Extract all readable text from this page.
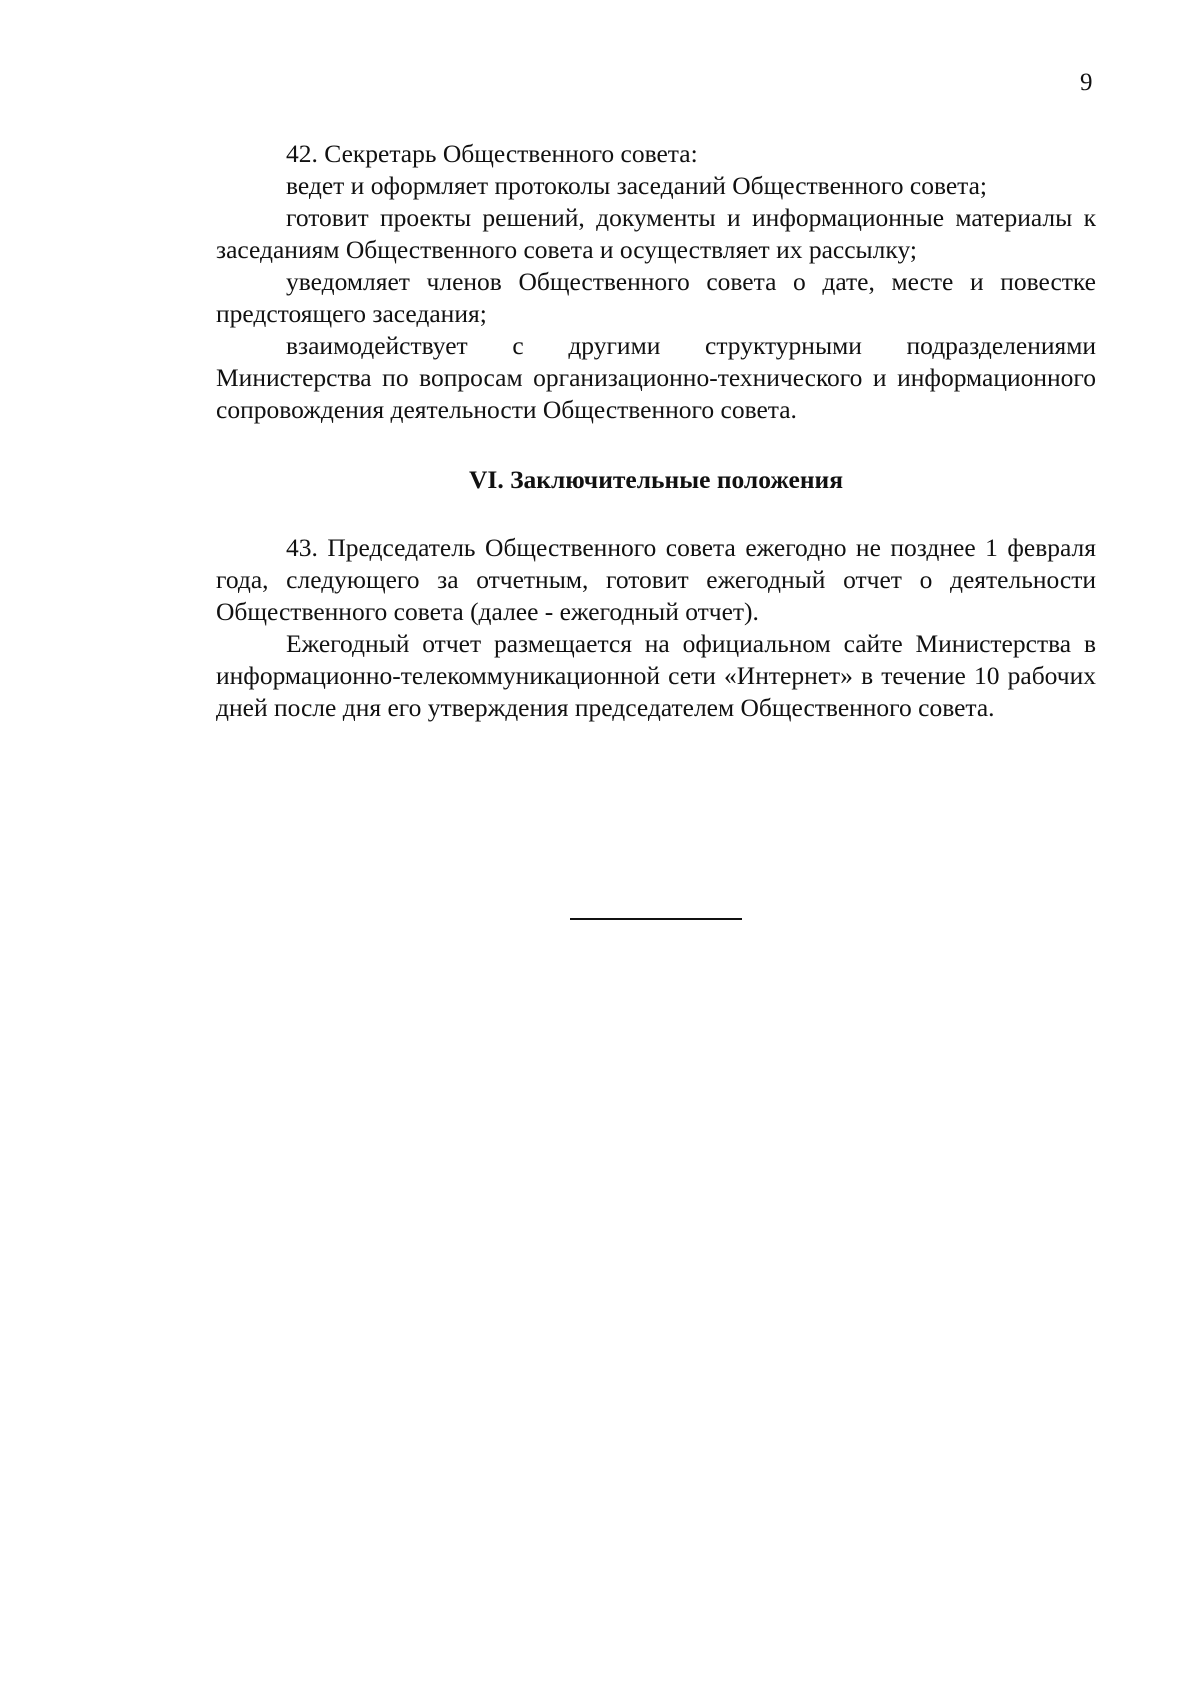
9

42. Секретарь Общественного совета:

ведет и оформляет протоколы заседаний Общественного совета;

готовит проекты решений, документы и информационные материалы к заседаниям Общественного совета и осуществляет их рассылку;

уведомляет членов Общественного совета о дате, месте и повестке предстоящего заседания;

взаимодействует с другими структурными подразделениями Министерства по вопросам организационно-технического и информационного сопровождения деятельности Общественного совета.

VI. Заключительные положения

43. Председатель Общественного совета ежегодно не позднее 1 февраля года, следующего за отчетным, готовит ежегодный отчет о деятельности Общественного совета (далее - ежегодный отчет).

Ежегодный отчет размещается на официальном сайте Министерства в информационно-телекоммуникационной сети «Интернет» в течение 10 рабочих дней после дня его утверждения председателем Общественного совета.
